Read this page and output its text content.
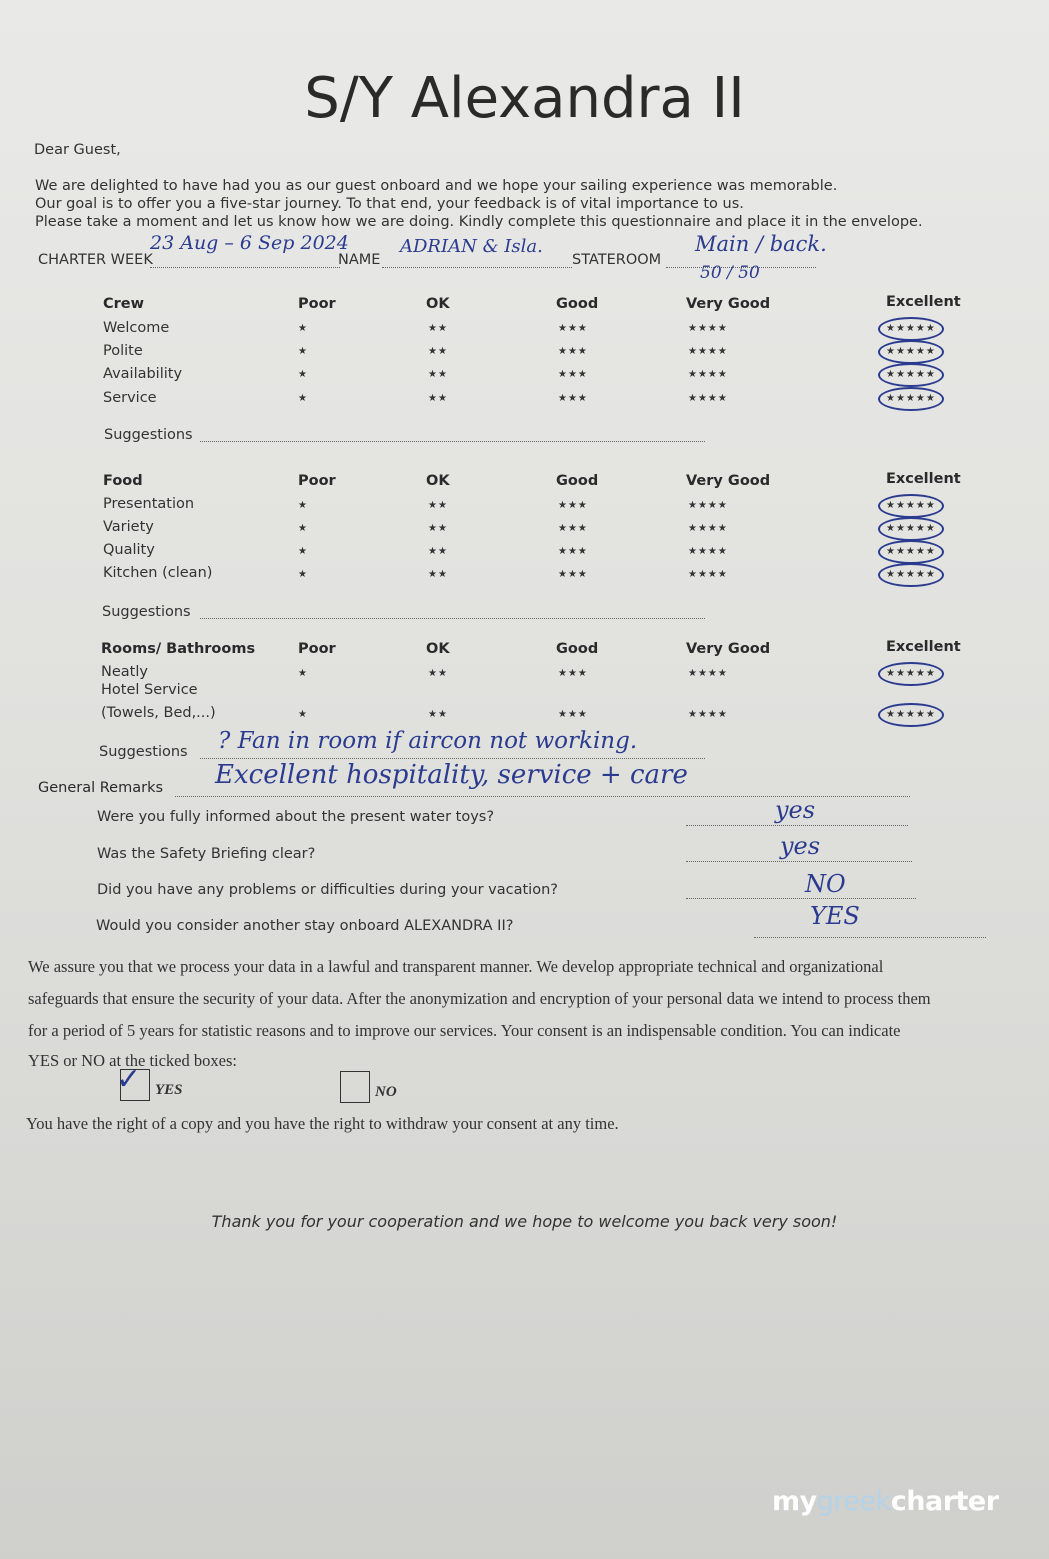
S/Y Alexandra II
Dear Guest,
We are delighted to have had you as our guest onboard and we hope your sailing experience was memorable.
Our goal is to offer you a five-star journey. To that end, your feedback is of vital importance to us.
Please take a moment and let us know how we are doing. Kindly complete this questionnaire and place it in the envelope.
CHARTER WEEK
23 Aug – 6 Sep 2024
NAME
ADRIAN & Isla.
STATEROOM
Main / back.
50 / 50
Crew	Poor	OK	Good	Very Good	Excellent
Welcome	★	★★	★★★	★★★★	★★★★★
Polite	★	★★	★★★	★★★★	★★★★★
Availability	★	★★	★★★	★★★★	★★★★★
Service	★	★★	★★★	★★★★	★★★★★
Suggestions
Food	Poor	OK	Good	Very Good	Excellent
Presentation	★	★★	★★★	★★★★	★★★★★
Variety	★	★★	★★★	★★★★	★★★★★
Quality	★	★★	★★★	★★★★	★★★★★
Kitchen (clean)	★	★★	★★★	★★★★	★★★★★
Suggestions
Rooms/ Bathrooms	Poor	OK	Good	Very Good	Excellent
Neatly	★	★★	★★★	★★★★	★★★★★
Hotel Service
(Towels, Bed,...)	★	★★	★★★	★★★★	★★★★★
Suggestions ? Fan in room if aircon not working.
General Remarks Excellent hospitality, service + care
Were you fully informed about the present water toys?	yes
Was the Safety Briefing clear?	yes
Did you have any problems or difficulties during your vacation?	NO
Would you consider another stay onboard ALEXANDRA II?	YES
We assure you that we process your data in a lawful and transparent manner. We develop appropriate technical and organizational
safeguards that ensure the security of your data. After the anonymization and encryption of your personal data we intend to process them
for a period of 5 years for statistic reasons and to improve our services. Your consent is an indispensable condition. You can indicate
YES or NO at the ticked boxes:
✓ YES	NO
You have the right of a copy and you have the right to withdraw your consent at any time.
Thank you for your cooperation and we hope to welcome you back very soon!
mygreekcharter
